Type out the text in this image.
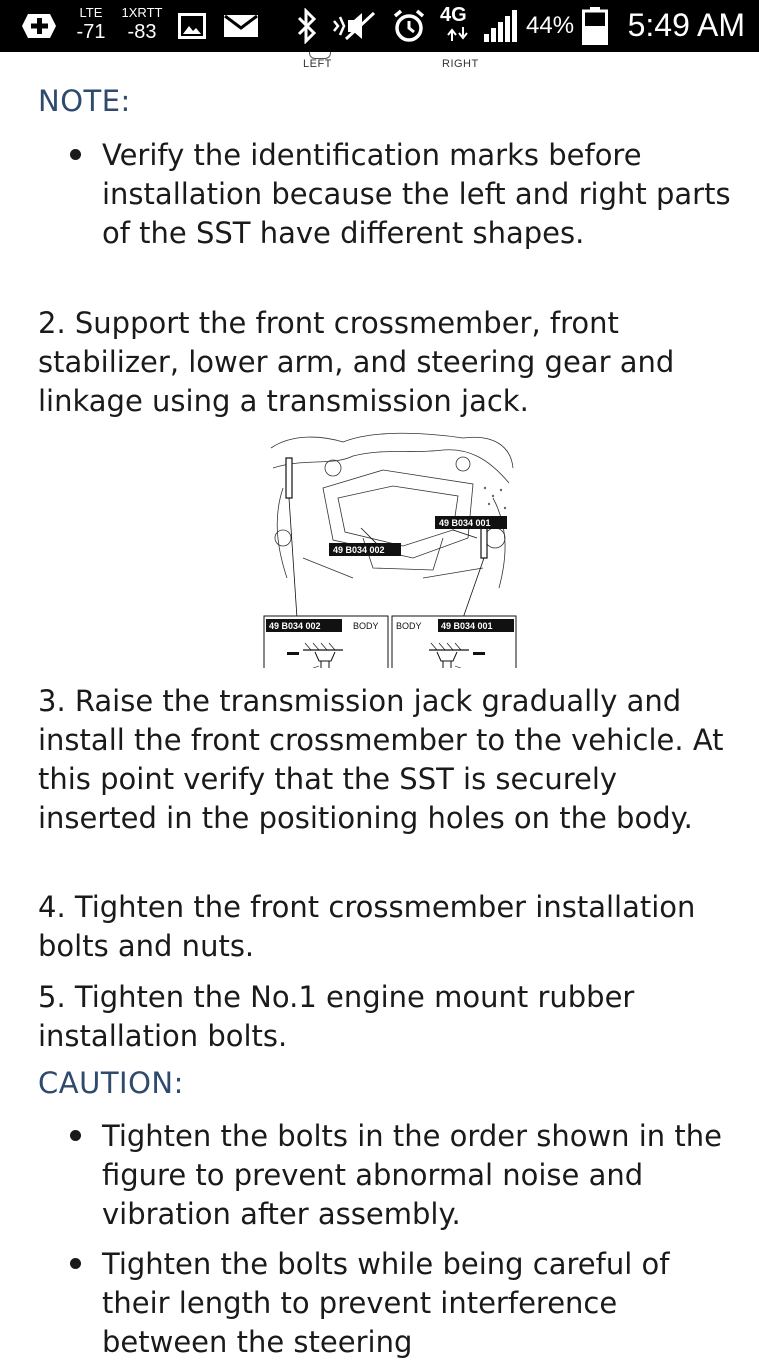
LTE
-71
1XRTT
-83
4G	44% 5:49 AM
LEFT	RIGHT
NOTE:

Verify the identification marks before installation because the left and right parts of the SST have different shapes.

2. Support the front crossmember, front stabilizer, lower arm, and steering gear and linkage using a transmission jack.

49 B034 001
49 B034 002
49 B034 002	BODY BODY 49 B034 001

3. Raise the transmission jack gradually and install the front crossmember to the vehicle. At this point verify that the SST is securely inserted in the positioning holes on the body.

4. Tighten the front crossmember installation bolts and nuts.

5. Tighten the No.1 engine mount rubber installation bolts.

CAUTION:

Tighten the bolts in the order shown in the figure to prevent abnormal noise and vibration after assembly.

Tighten the bolts while being careful of their length to prevent interference between the steering
